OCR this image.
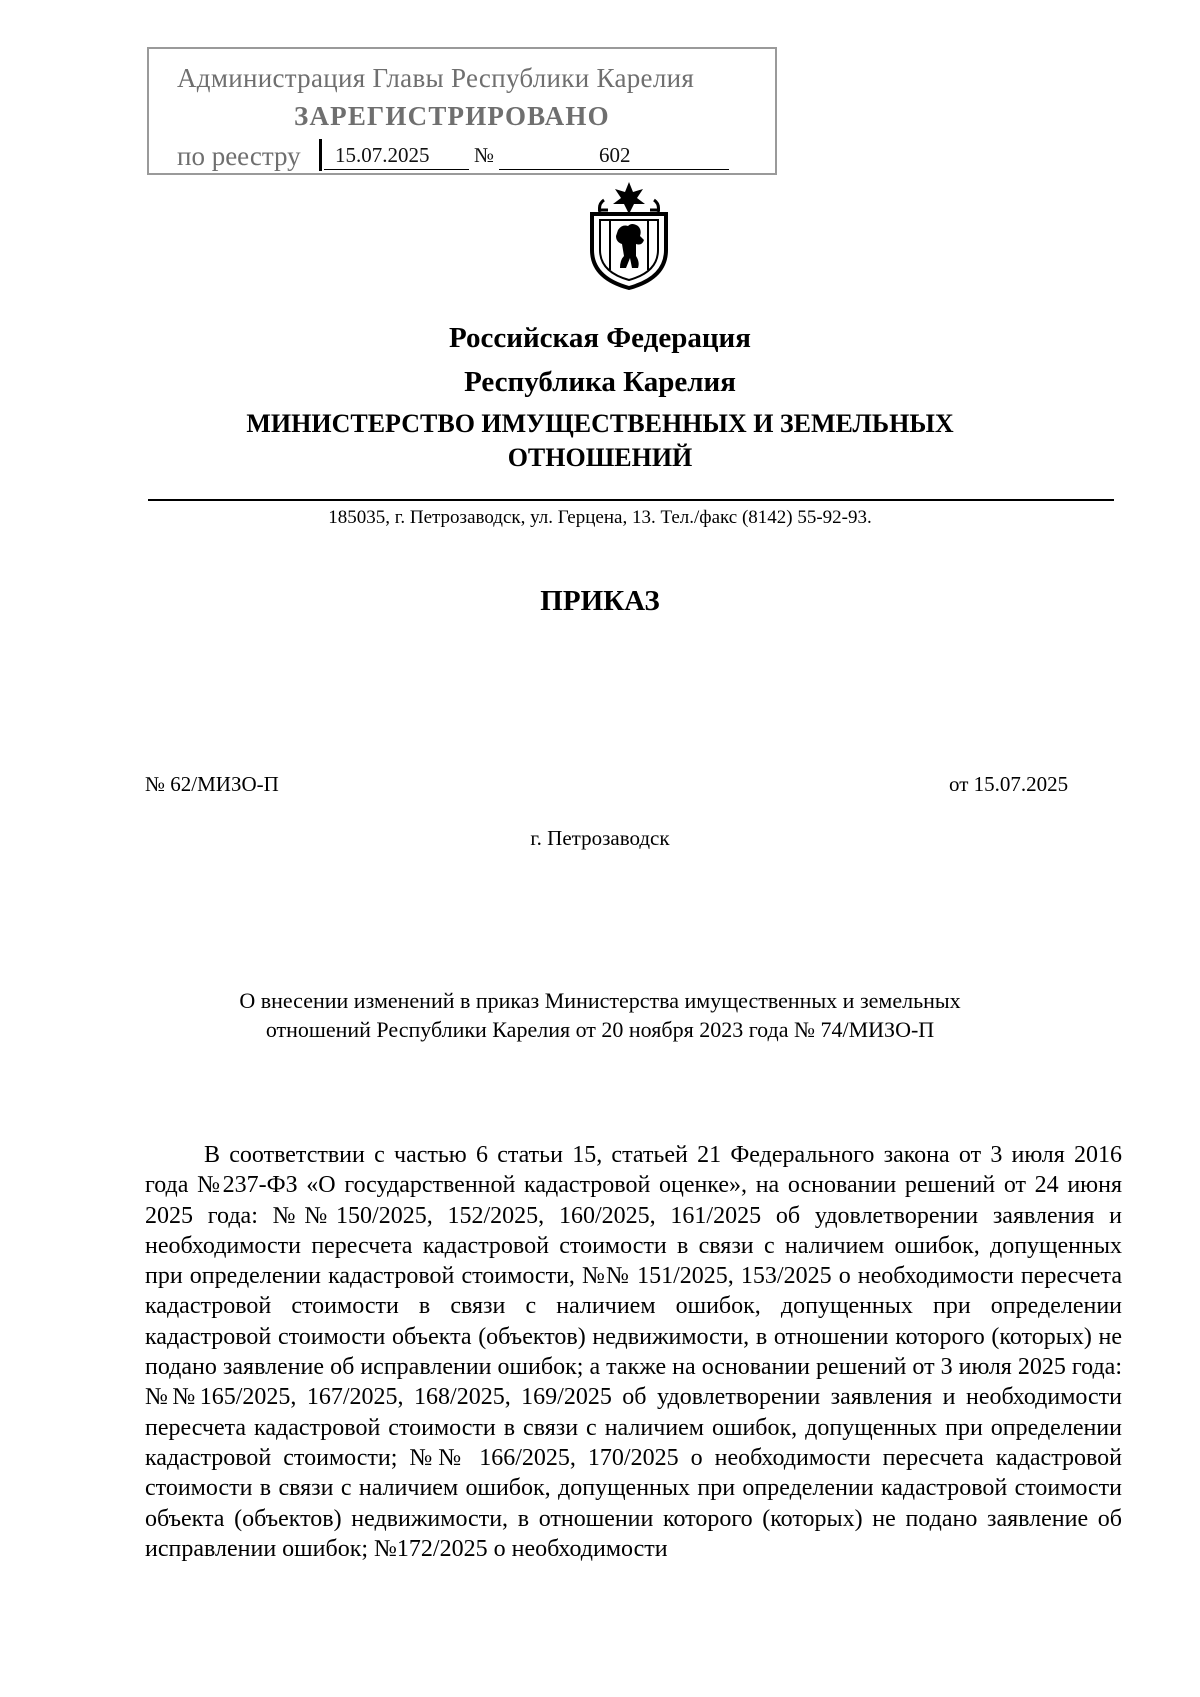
Администрация Главы Республики Карелия
ЗАРЕГИСТРИРОВАНО
по реестру 15.07.2025 №	602
Российская Федерация
Республика Карелия
МИНИСТЕРСТВО ИМУЩЕСТВЕННЫХ И ЗЕМЕЛЬНЫХ
ОТНОШЕНИЙ
185035, г. Петрозаводск, ул. Герцена, 13. Тел./факс (8142) 55-92-93.
ПРИКАЗ
№ 62/МИЗО-П	от 15.07.2025
г. Петрозаводск
О внесении изменений в приказ Министерства имущественных и земельных
отношений Республики Карелия от 20 ноября 2023 года № 74/МИЗО-П

В соответствии с частью 6 статьи 15, статьей 21 Федерального закона от 3 июля 2016 года №237-ФЗ «О государственной кадастровой оценке», на основании решений от 24 июня 2025 года: №№150/2025, 152/2025, 160/2025, 161/2025 об удовлетворении заявления и необходимости пересчета кадастровой стоимости в связи с наличием ошибок, допущенных при определении кадастровой стоимости, №№ 151/2025, 153/2025 о необходимости пересчета кадастровой стоимости в связи с наличием ошибок, допущенных при определении кадастровой стоимости объекта (объектов) недвижимости, в отношении которого (которых) не подано заявление об исправлении ошибок; а также на основании решений от 3 июля 2025 года: №№165/2025, 167/2025, 168/2025, 169/2025 об удовлетворении заявления и необходимости пересчета кадастровой стоимости в связи с наличием ошибок, допущенных при определении кадастровой стоимости; №№ 166/2025, 170/2025 о необходимости пересчета кадастровой стоимости в связи с наличием ошибок, допущенных при определении кадастровой стоимости объекта (объектов) недвижимости, в отношении которого (которых) не подано заявление об исправлении ошибок; №172/2025 о необходимости
